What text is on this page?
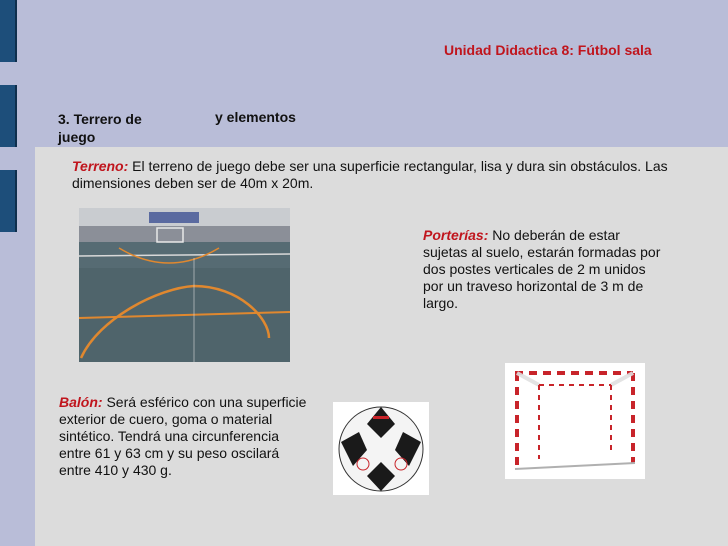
Unidad Didactica 8: Fútbol sala
3. Terrero de	y elementos
juego
Terreno: El terreno de juego debe ser una superficie rectangular, lisa y dura sin obstáculos. Las dimensiones deben ser de 40m x 20m.
Porterías: No deberán de estar sujetas al suelo, estarán formadas por dos postes verticales de 2 m unidos por un traveso horizontal de 3 m de largo.
Balón: Será esférico con una superficie exterior de cuero, goma o material sintético. Tendrá una circunferencia entre 61 y 63 cm y su peso oscilará entre 410 y 430 g.
